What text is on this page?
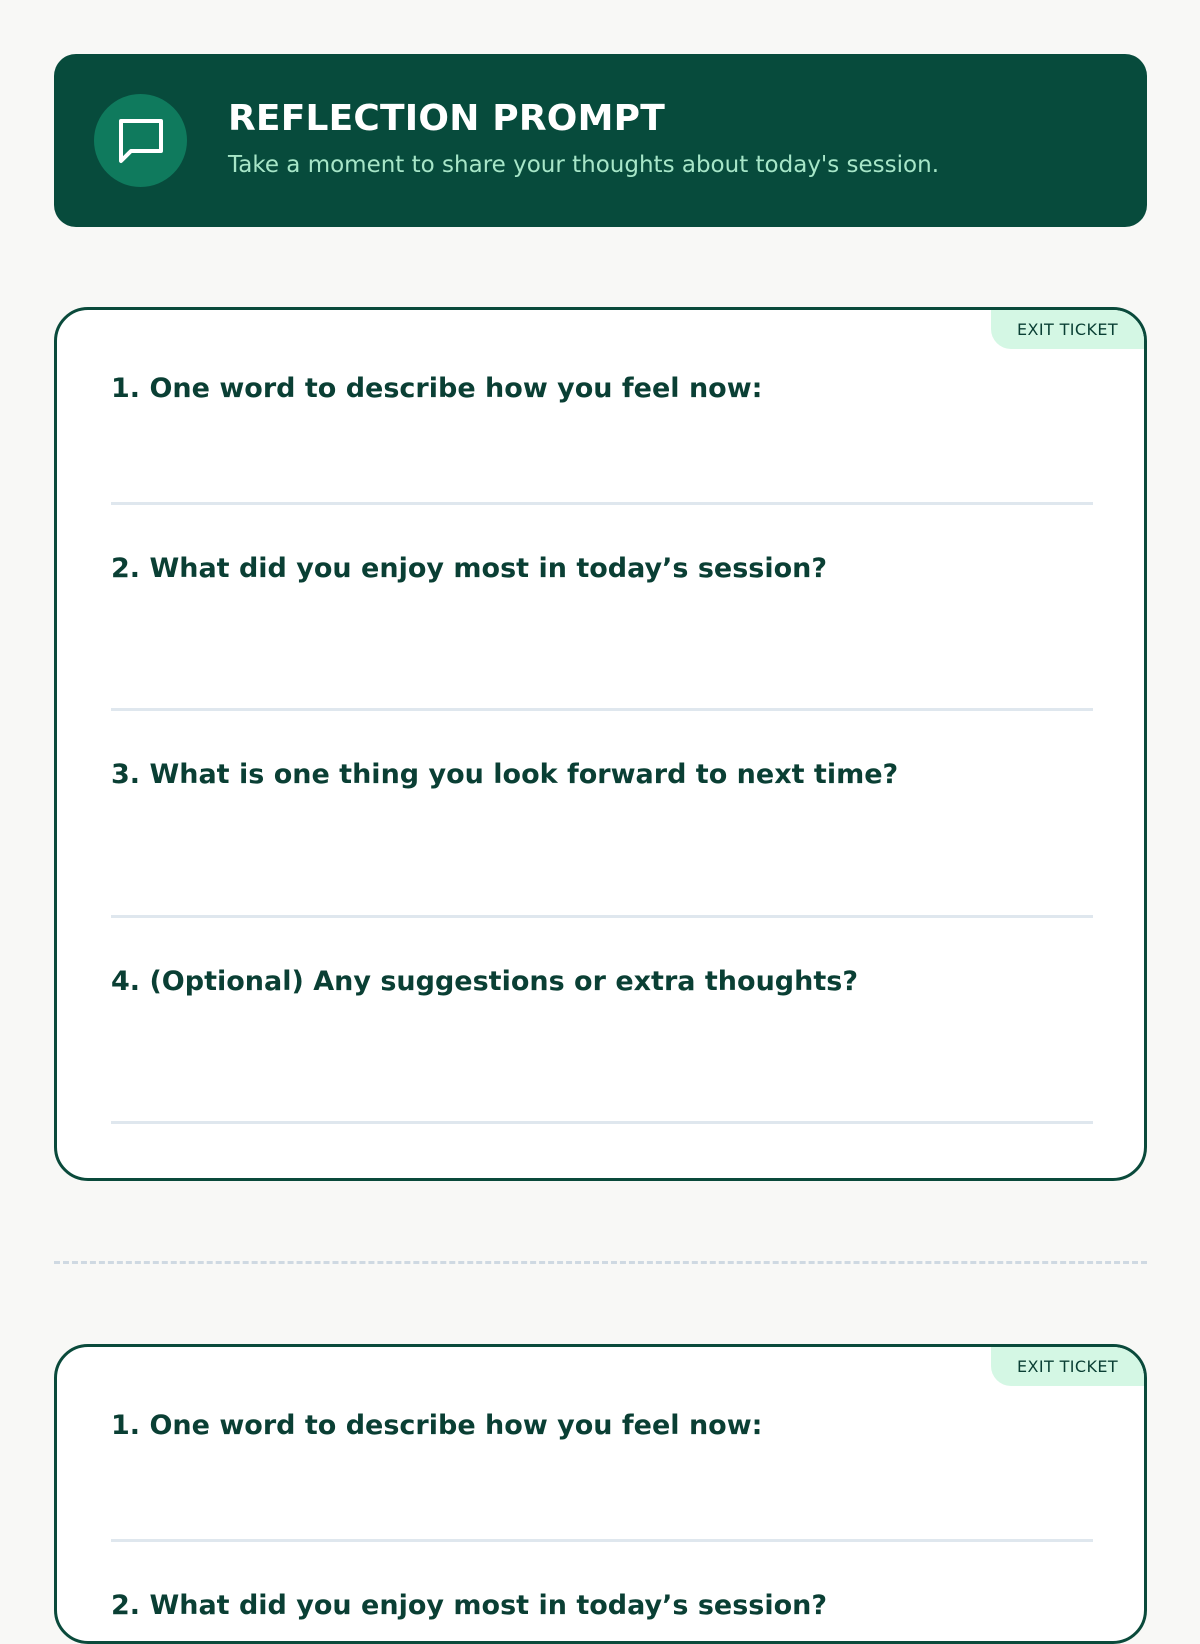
REFLECTION PROMPT
Take a moment to share your thoughts about today's session.
EXIT TICKET
1. One word to describe how you feel now:
2. What did you enjoy most in today’s session?
3. What is one thing you look forward to next time?
4. (Optional) Any suggestions or extra thoughts?
EXIT TICKET
1. One word to describe how you feel now:
2. What did you enjoy most in today’s session?
